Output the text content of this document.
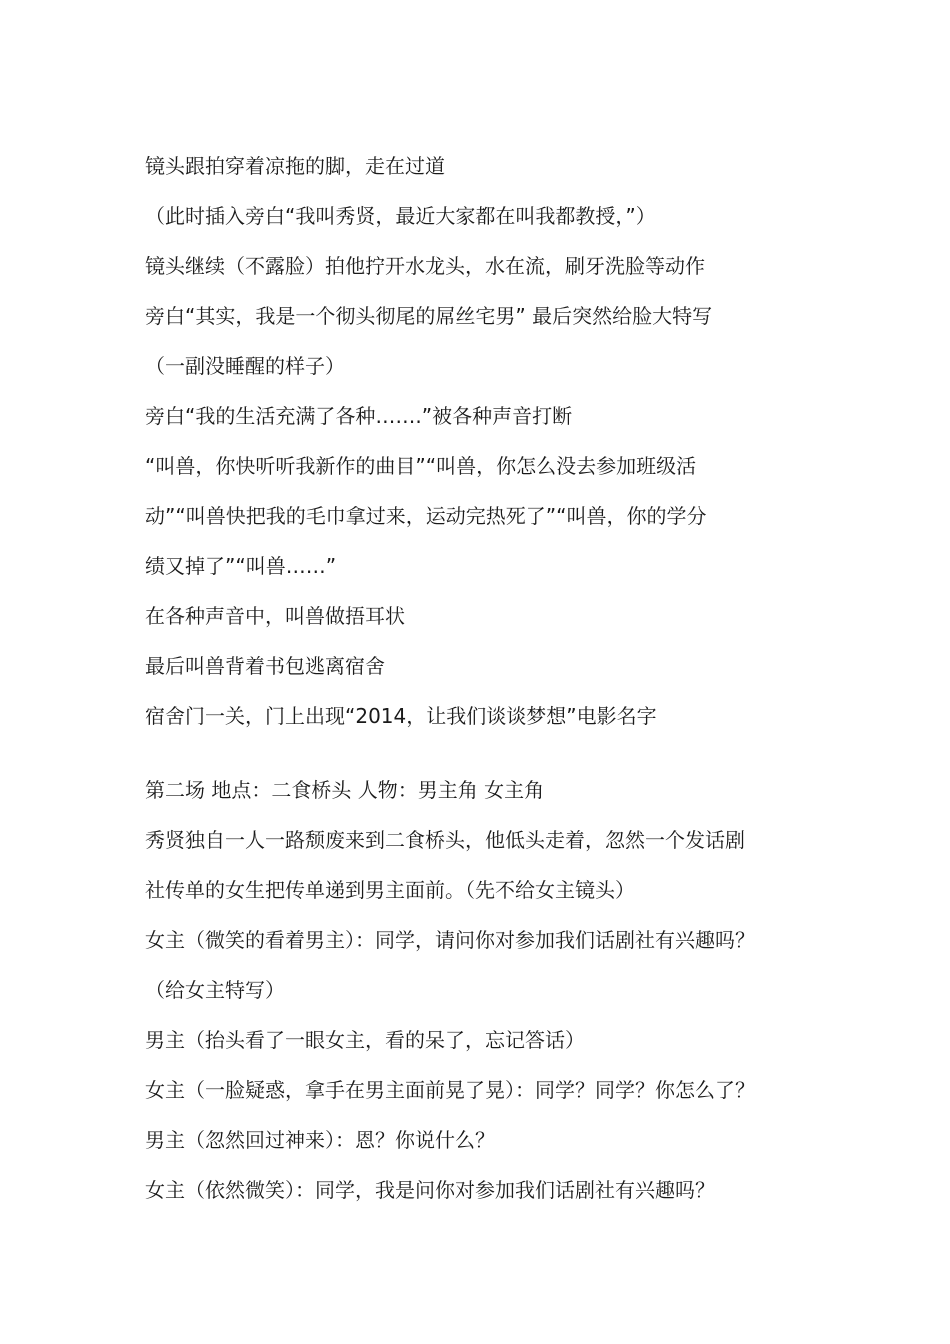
镜头跟拍穿着凉拖的脚，走在过道
（此时插入旁白“我叫秀贤，最近大家都在叫我都教授，”）
镜头继续（不露脸）拍他拧开水龙头，水在流，刷牙洗脸等动作
旁白“其实，我是一个彻头彻尾的屌丝宅男” 最后突然给脸大特写
（一副没睡醒的样子）
旁白“我的生活充满了各种…….”被各种声音打断
“叫兽，你快听听我新作的曲目”“叫兽，你怎么没去参加班级活
动”“叫兽快把我的毛巾拿过来，运动完热死了”“叫兽，你的学分
绩又掉了”“叫兽……”
在各种声音中，叫兽做捂耳状
最后叫兽背着书包逃离宿舍
宿舍门一关，门上出现“2014，让我们谈谈梦想”电影名字
第二场 地点：二食桥头 人物：男主角 女主角
秀贤独自一人一路颓废来到二食桥头，他低头走着，忽然一个发话剧
社传单的女生把传单递到男主面前。（先不给女主镜头）
女主（微笑的看着男主）：同学，请问你对参加我们话剧社有兴趣吗？
（给女主特写）
男主（抬头看了一眼女主，看的呆了，忘记答话）
女主（一脸疑惑，拿手在男主面前晃了晃）：同学？同学？你怎么了？
男主（忽然回过神来）：恩？你说什么？
女主（依然微笑）：同学，我是问你对参加我们话剧社有兴趣吗？
